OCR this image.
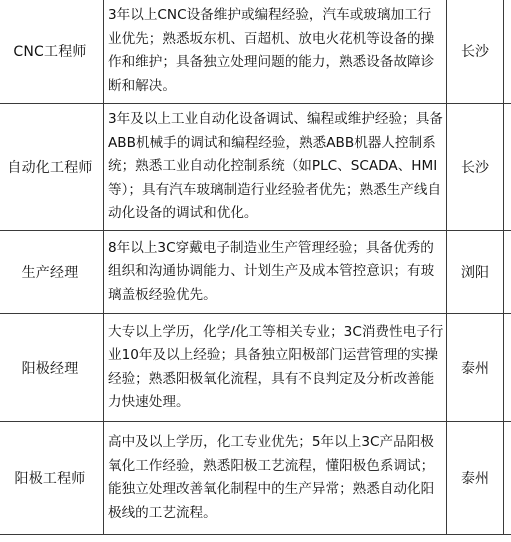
CNC工程师	3年以上CNC设备维护或编程经验，汽车或玻璃加工行业优先；熟悉坂东机、百超机、放电火花机等设备的操作和维护；具备独立处理问题的能力，熟悉设备故障诊断和解决。	长沙	
自动化工程师	3年及以上工业自动化设备调试、编程或维护经验；具备ABB机械手的调试和编程经验，熟悉ABB机器人控制系统；熟悉工业自动化控制系统（如PLC、SCADA、HMI等）；具有汽车玻璃制造行业经验者优先；熟悉生产线自动化设备的调试和优化。	长沙	
生产经理	8年以上3C穿戴电子制造业生产管理经验；具备优秀的组织和沟通协调能力、计划生产及成本管控意识；有玻璃盖板经验优先。	浏阳	
阳极经理	大专以上学历，化学/化工等相关专业；3C消费性电子行业10年及以上经验；具备独立阳极部门运营管理的实操经验；熟悉阳极氧化流程，具有不良判定及分析改善能力快速处理。	泰州	
阳极工程师	高中及以上学历，化工专业优先；5年以上3C产品阳极氧化工作经验，熟悉阳极工艺流程，懂阳极色系调试；能独立处理改善氧化制程中的生产异常；熟悉自动化阳极线的工艺流程。	泰州	
